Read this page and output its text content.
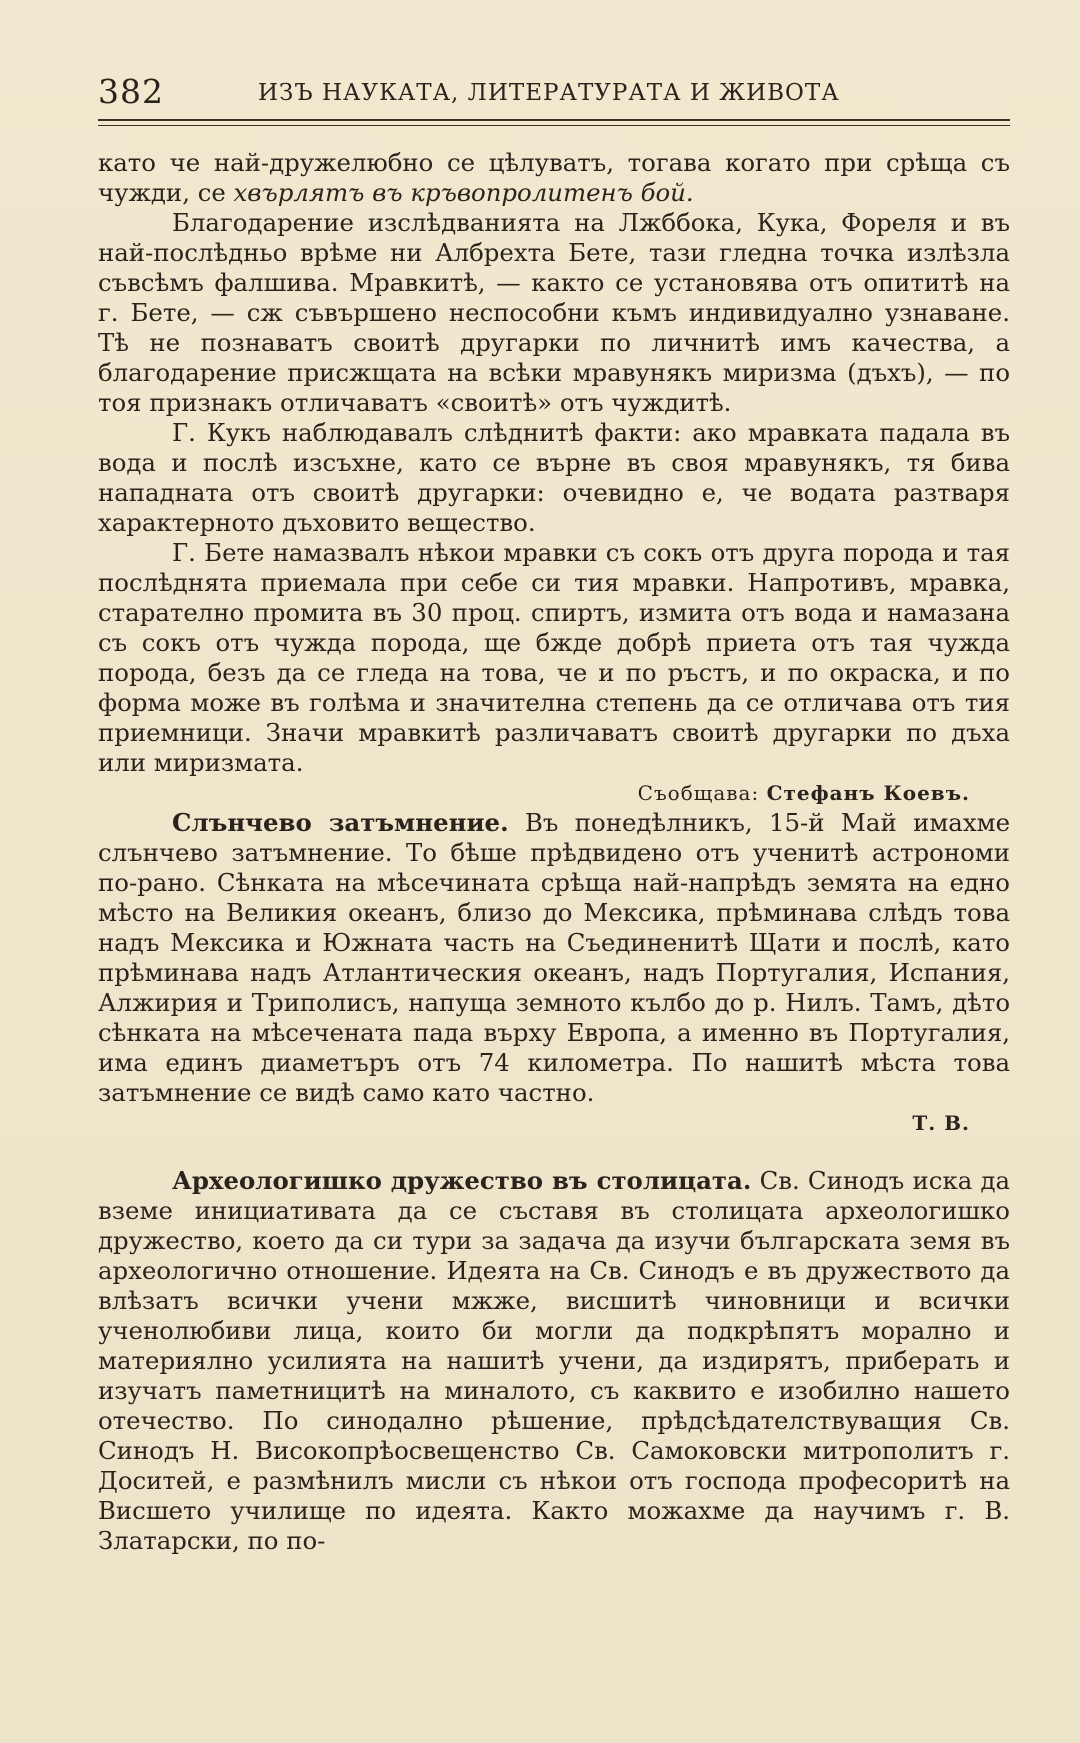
382	ИЗЪ НАУКАТА, ЛИТЕРАТУРАТА И ЖИВОТА

като че най-дружелюбно се цѣлуватъ, тогава когато при срѣща съ чужди, се хвърлятъ въ кръвопролитенъ бой.

Благодарение изслѣдванията на Лжббока, Кука, Фореля и въ най-послѣдньо врѣме ни Албрехта Бете, тази гледна точка излѣзла съвсѣмъ фалшива. Мравкитѣ, — както се установява отъ опититѣ на г. Бете, — сж съвършено неспособни къмъ индивидуално узнаване. Тѣ не познаватъ своитѣ другарки по личнитѣ имъ качества, а благодарение присжщата на всѣки мравунякъ миризма (дъхъ), — по тоя признакъ отличаватъ «своитѣ» отъ чуждитѣ.

Г. Кукъ наблюдавалъ слѣднитѣ факти: ако мравката падала въ вода и послѣ изсъхне, като се върне въ своя мравунякъ, тя бива нападната отъ своитѣ другарки: очевидно е, че водата разтваря характерното дъховито вещество.

Г. Бете намазвалъ нѣкои мравки съ сокъ отъ друга порода и тая послѣднята приемала при себе си тия мравки. Напротивъ, мравка, старателно промита въ 30 проц. спиртъ, измита отъ вода и намазана съ сокъ отъ чужда порода, ще бжде добрѣ приета отъ тая чужда порода, безъ да се гледа на това, че и по ръстъ, и по окраска, и по форма може въ голѣма и значителна степень да се отличава отъ тия приемници. Значи мравкитѣ различаватъ своитѣ другарки по дъха или миризмата.

Съобщава: Стефанъ Коевъ.

Слънчево затъмнение. Въ понедѣлникъ, 15-й Май имахме слънчево затъмнение. То бѣше прѣдвидено отъ ученитѣ астрономи по-рано. Сѣнката на мѣсечината срѣща най-напрѣдъ земята на едно мѣсто на Великия океанъ, близо до Мексика, прѣминава слѣдъ това надъ Мексика и Южната часть на Съединенитѣ Щати и послѣ, като прѣминава надъ Атлантическия океанъ, надъ Португалия, Испания, Алжирия и Триполисъ, напуща земното кълбо до р. Нилъ. Тамъ, дѣто сѣнката на мѣсечената пада върху Европа, а именно въ Португалия, има единъ диаметъръ отъ 74 километра. По нашитѣ мѣста това затъмнение се видѣ само като частно.

Т. В.

Археологишко дружество въ столицата. Св. Синодъ иска да вземе инициативата да се съставя въ столицата археологишко дружество, което да си тури за задача да изучи българската земя въ археологично отношение. Идеята на Св. Синодъ е въ дружеството да влѣзатъ всички учени мжже, висшитѣ чиновници и всички ученолюбиви лица, които би могли да подкрѣпятъ морално и материялно усилията на нашитѣ учени, да издирятъ, приберать и изучатъ паметницитѣ на миналото, съ каквито е изобилно нашето отечество. По синодално рѣшение, прѣдсѣдателствуващия Св. Синодъ Н. Високопрѣосвещенство Св. Самоковски митрополитъ г. Доситей, е размѣнилъ мисли съ нѣкои отъ господа професоритѣ на Висшето училище по идеята. Както можахме да научимъ г. В. Златарски, по по-
